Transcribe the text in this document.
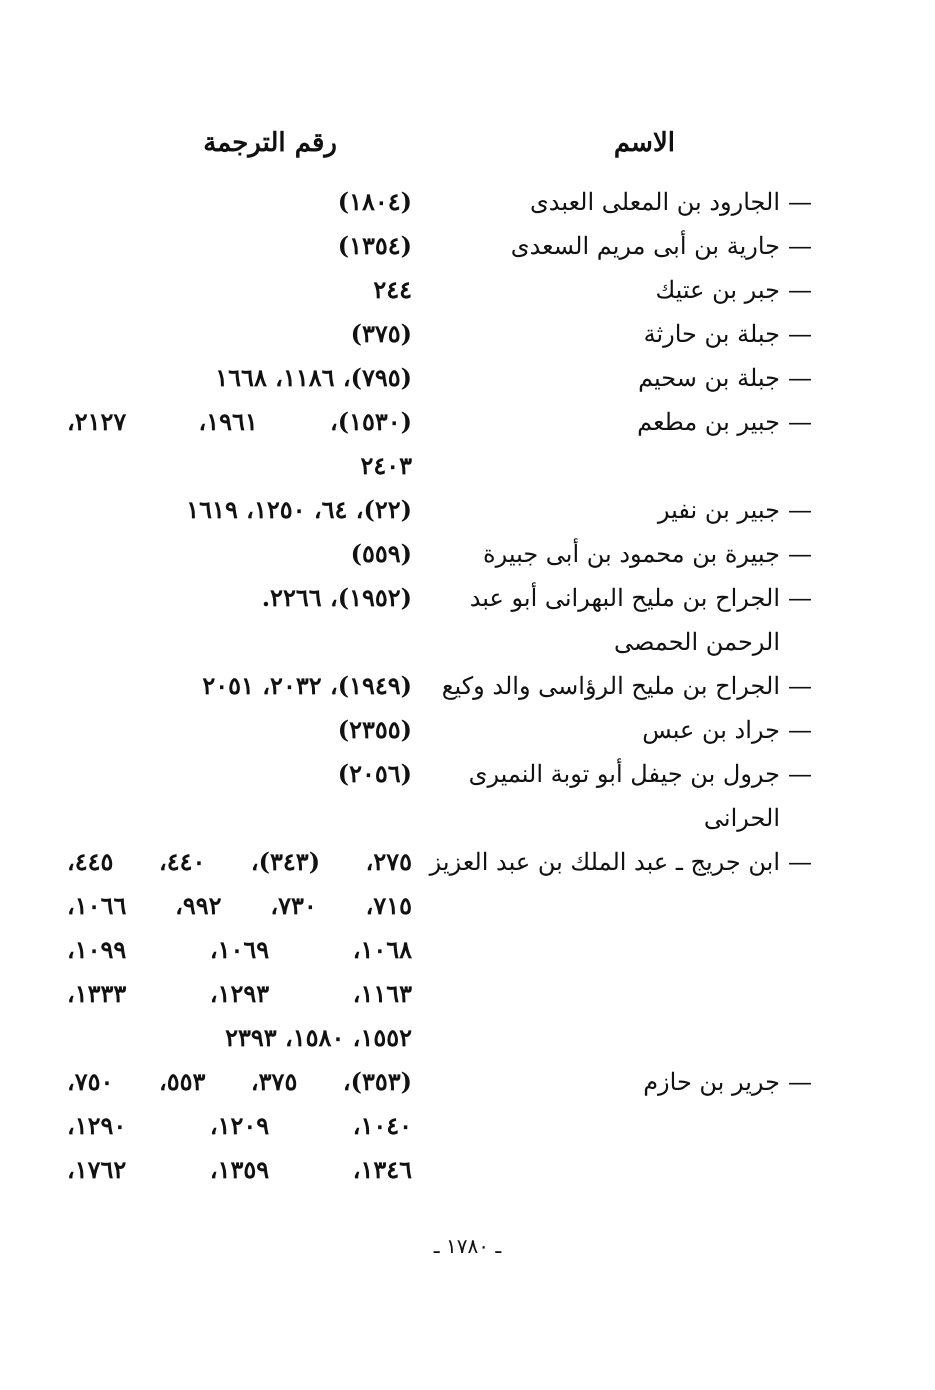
الاسم
رقم الترجمة
—
الجارود بن المعلى العبدى
(١٨٠٤)
—
جارية بن أبى مريم السعدى
(١٣٥٤)
—
جبر بن عتيك
٢٤٤
—
جبلة بن حارثة
(٣٧٥)
—
جبلة بن سحيم
(٧٩٥)، ١١٨٦، ١٦٦٨
—
جبير بن مطعم
(١٥٣٠)،
١٩٦١،
٢١٢٧،
٢٤٠٣
—
جبير بن نفير
(٢٢)، ٦٤، ١٢٥٠، ١٦١٩
—
جبيرة بن محمود بن أبى جبيرة
(٥٥٩)
—
الجراح بن مليح البهرانى أبو عبد الرحمن الحمصى
(١٩٥٢)، ٢٢٦٦.
—
الجراح بن مليح الرؤاسى والد وكيع
(١٩٤٩)، ٢٠٣٢، ٢٠٥١
—
جراد بن عبس
(٢٣٥٥)
—
جرول بن جيفل أبو توبة النميرى الحرانى
(٢٠٥٦)
—
ابن جريج ـ عبد الملك بن عبد العزيز
٢٧٥،
(٣٤٣)،
٤٤٠،
٤٤٥،
٧١٥،
٧٣٠،
٩٩٢،
١٠٦٦،
١٠٦٨،
١٠٦٩،
١٠٩٩،
١١٦٣،
١٢٩٣،
١٣٣٣،
١٥٥٢، ١٥٨٠، ٢٣٩٣
—
جرير بن حازم
(٣٥٣)،
٣٧٥،
٥٥٣،
٧٥٠،
١٠٤٠،
١٢٠٩،
١٢٩٠،
١٣٤٦،
١٣٥٩،
١٧٦٢،
ـ ١٧٨٠ ـ
